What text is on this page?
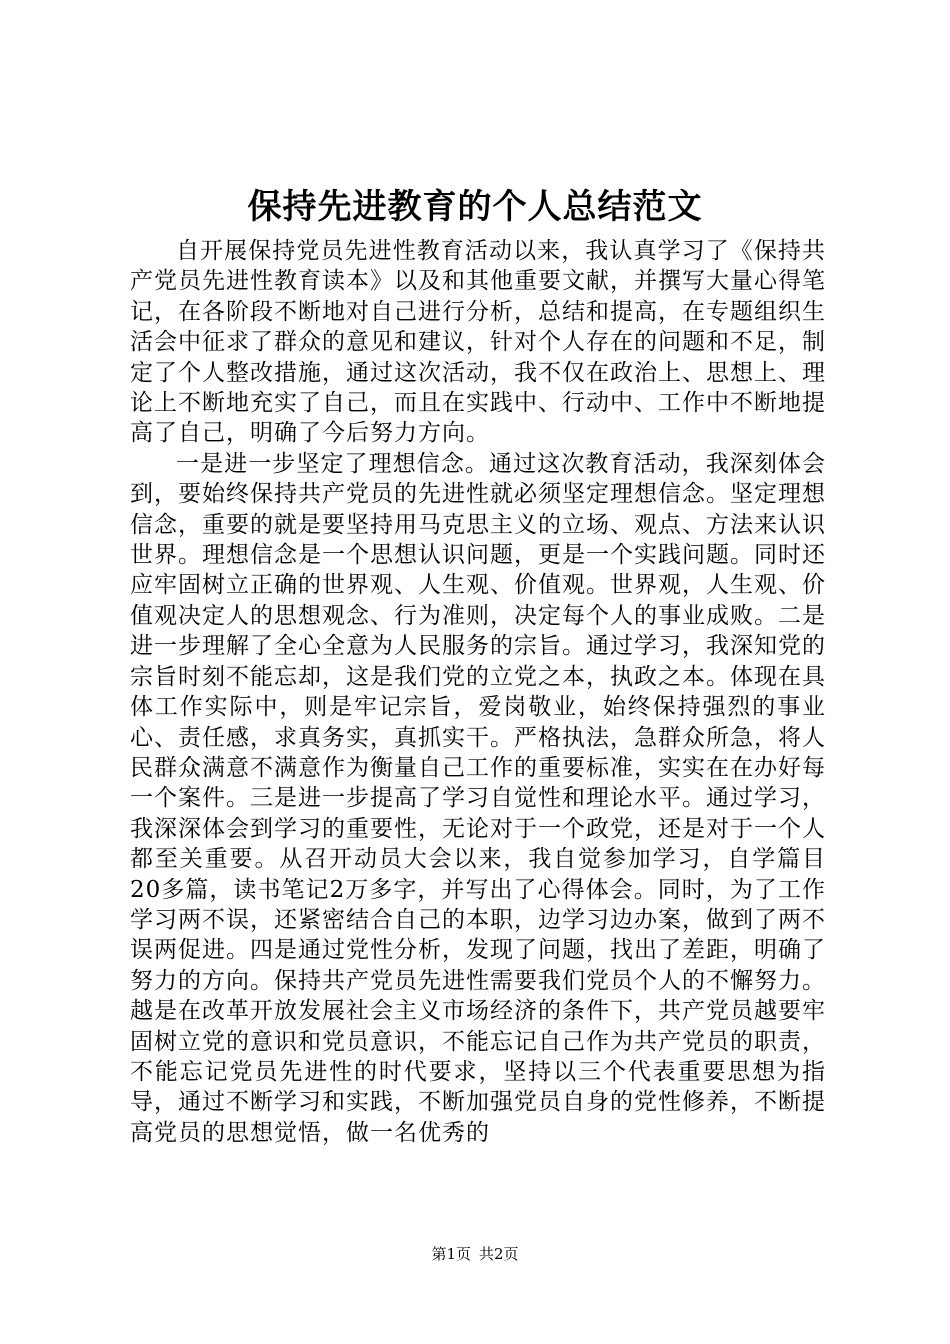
保持先进教育的个人总结范文

自开展保持党员先进性教育活动以来，我认真学习了《保持共产党员先进性教育读本》以及和其他重要文献，并撰写大量心得笔记，在各阶段不断地对自己进行分析，总结和提高，在专题组织生活会中征求了群众的意见和建议，针对个人存在的问题和不足，制定了个人整改措施，通过这次活动，我不仅在政治上、思想上、理论上不断地充实了自己，而且在实践中、行动中、工作中不断地提高了自己，明确了今后努力方向。

一是进一步坚定了理想信念。通过这次教育活动，我深刻体会到，要始终保持共产党员的先进性就必须坚定理想信念。坚定理想信念，重要的就是要坚持用马克思主义的立场、观点、方法来认识世界。理想信念是一个思想认识问题，更是一个实践问题。同时还应牢固树立正确的世界观、人生观、价值观。世界观，人生观、价值观决定人的思想观念、行为准则，决定每个人的事业成败。二是进一步理解了全心全意为人民服务的宗旨。通过学习，我深知党的宗旨时刻不能忘却，这是我们党的立党之本，执政之本。体现在具体工作实际中，则是牢记宗旨，爱岗敬业，始终保持强烈的事业心、责任感，求真务实，真抓实干。严格执法，急群众所急，将人民群众满意不满意作为衡量自己工作的重要标准，实实在在办好每一个案件。三是进一步提高了学习自觉性和理论水平。通过学习，我深深体会到学习的重要性，无论对于一个政党，还是对于一个人都至关重要。从召开动员大会以来，我自觉参加学习，自学篇目20多篇，读书笔记2万多字，并写出了心得体会。同时，为了工作学习两不误，还紧密结合自己的本职，边学习边办案，做到了两不误两促进。四是通过党性分析，发现了问题，找出了差距，明确了努力的方向。保持共产党员先进性需要我们党员个人的不懈努力。越是在改革开放发展社会主义市场经济的条件下，共产党员越要牢固树立党的意识和党员意识，不能忘记自己作为共产党员的职责，不能忘记党员先进性的时代要求，坚持以三个代表重要思想为指导，通过不断学习和实践，不断加强党员自身的党性修养，不断提高党员的思想觉悟，做一名优秀的

第1页 共2页
